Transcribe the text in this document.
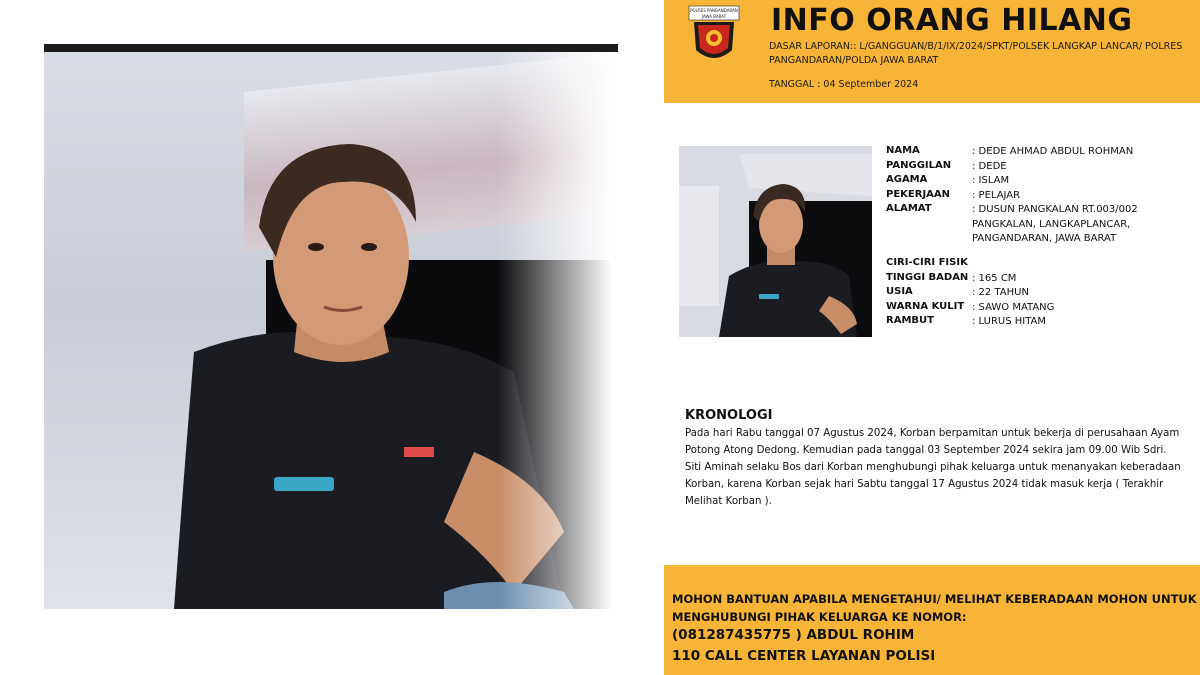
POLRES PANGANDARAN
JAWA BARAT INFO ORANG HILANG
DASAR LAPORAN:: L/GANGGUAN/B/1/IX/2024/SPKT/POLSEK LANGKAP LANCAR/ POLRES PANGANDARAN/POLDA JAWA BARAT
TANGGAL : 04 September 2024
NAMA	: DEDE AHMAD ABDUL ROHMAN
PANGGILAN : DEDE
AGAMA	: ISLAM
PEKERJAAN : PELAJAR
ALAMAT	: DUSUN PANGKALAN RT.003/002 PANGKALAN, LANGKAPLANCAR, PANGANDARAN, JAWA BARAT
CIRI-CIRI FISIK
TINGGI BADAN : 165 CM
USIA	: 22 TAHUN
WARNA KULIT : SAWO MATANG
RAMBUT	: LURUS HITAM
KRONOLOGI

Pada hari Rabu tanggal 07 Agustus 2024, Korban berpamitan untuk bekerja di perusahaan Ayam Potong Atong Dedong. Kemudian pada tanggal 03 September 2024 sekira jam 09.00 Wib Sdri. Siti Aminah selaku Bos dari Korban menghubungi pihak keluarga untuk menanyakan keberadaan Korban, karena Korban sejak hari Sabtu tanggal 17 Agustus 2024 tidak masuk kerja ( Terakhir Melihat Korban ).

MOHON BANTUAN APABILA MENGETAHUI/ MELIHAT KEBERADAAN MOHON UNTUK
MENGHUBUNGI PIHAK KELUARGA KE NOMOR:
(081287435775 ) ABDUL ROHIM
110 CALL CENTER LAYANAN POLISI
